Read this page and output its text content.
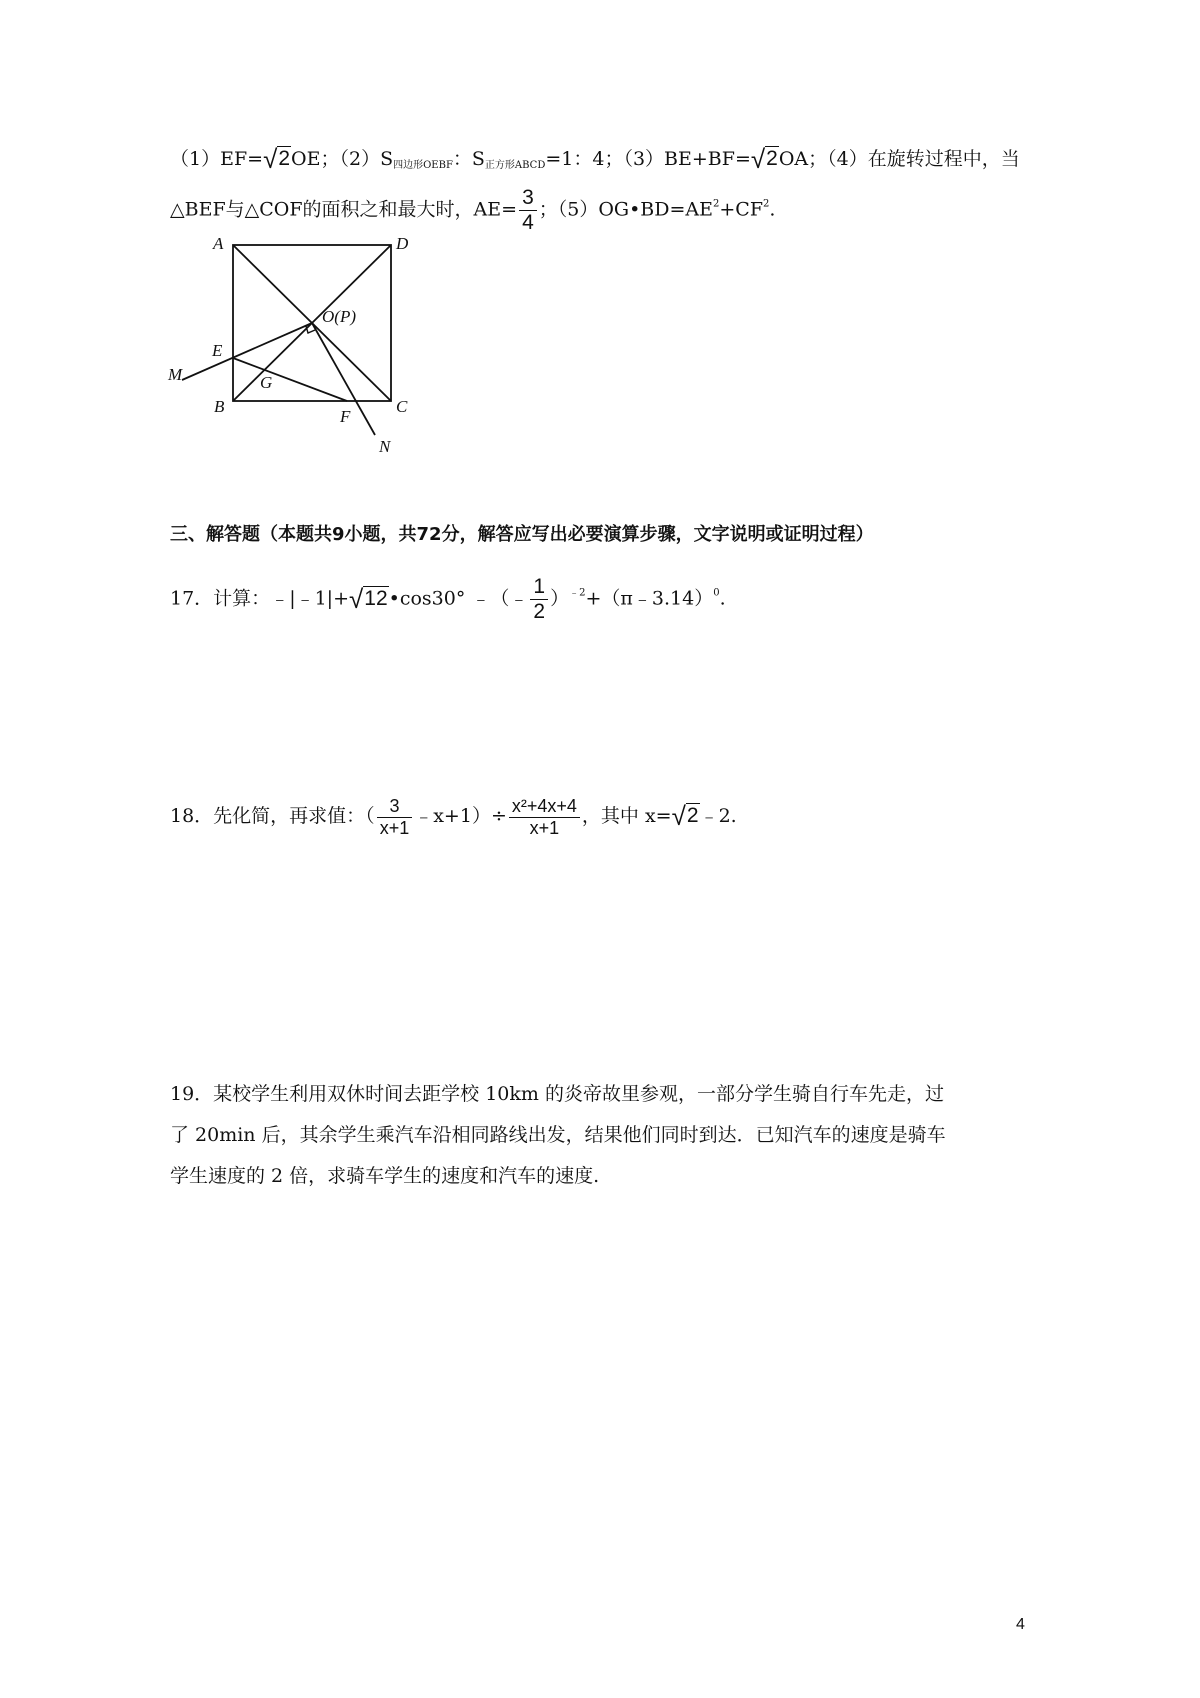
（1）EF=√2OE；$(2)S_{四边形OEBF}$：$S_{正方形ABCD}=1$：4；（3）BE+BF=√2OA；（4）在旋转过程中，当
△BEF与△COF的面积之和最大时，$AE= \frac{3}{4}$ ；$(5)OG•BD=AE^2+CF^2$.
A	D
O(P)
E
M	G
B
F
C
N
三、解答题（本题共9小题，共72分，解答应写出必要演算步骤，文字说明或证明过程）
17．计算：﹣|﹣1|+√12•cos30° ﹣（﹣ $\frac{1}{2}$ ）$^{﹣2}$+（π﹣3.14）$^0$.
18．先化简，再求值：（ $\frac{3}{x+1}$ ﹣x+1）÷ $\frac{\text{x²+4x+4}}{x+1}$ ，其中 x=√2﹣2.
19．某校学生利用双休时间去距学校 10km 的炎帝故里参观，一部分学生骑自行车先走，过
了 20min 后，其余学生乘汽车沿相同路线出发，结果他们同时到达．已知汽车的速度是骑车
学生速度的 2 倍，求骑车学生的速度和汽车的速度.
4
